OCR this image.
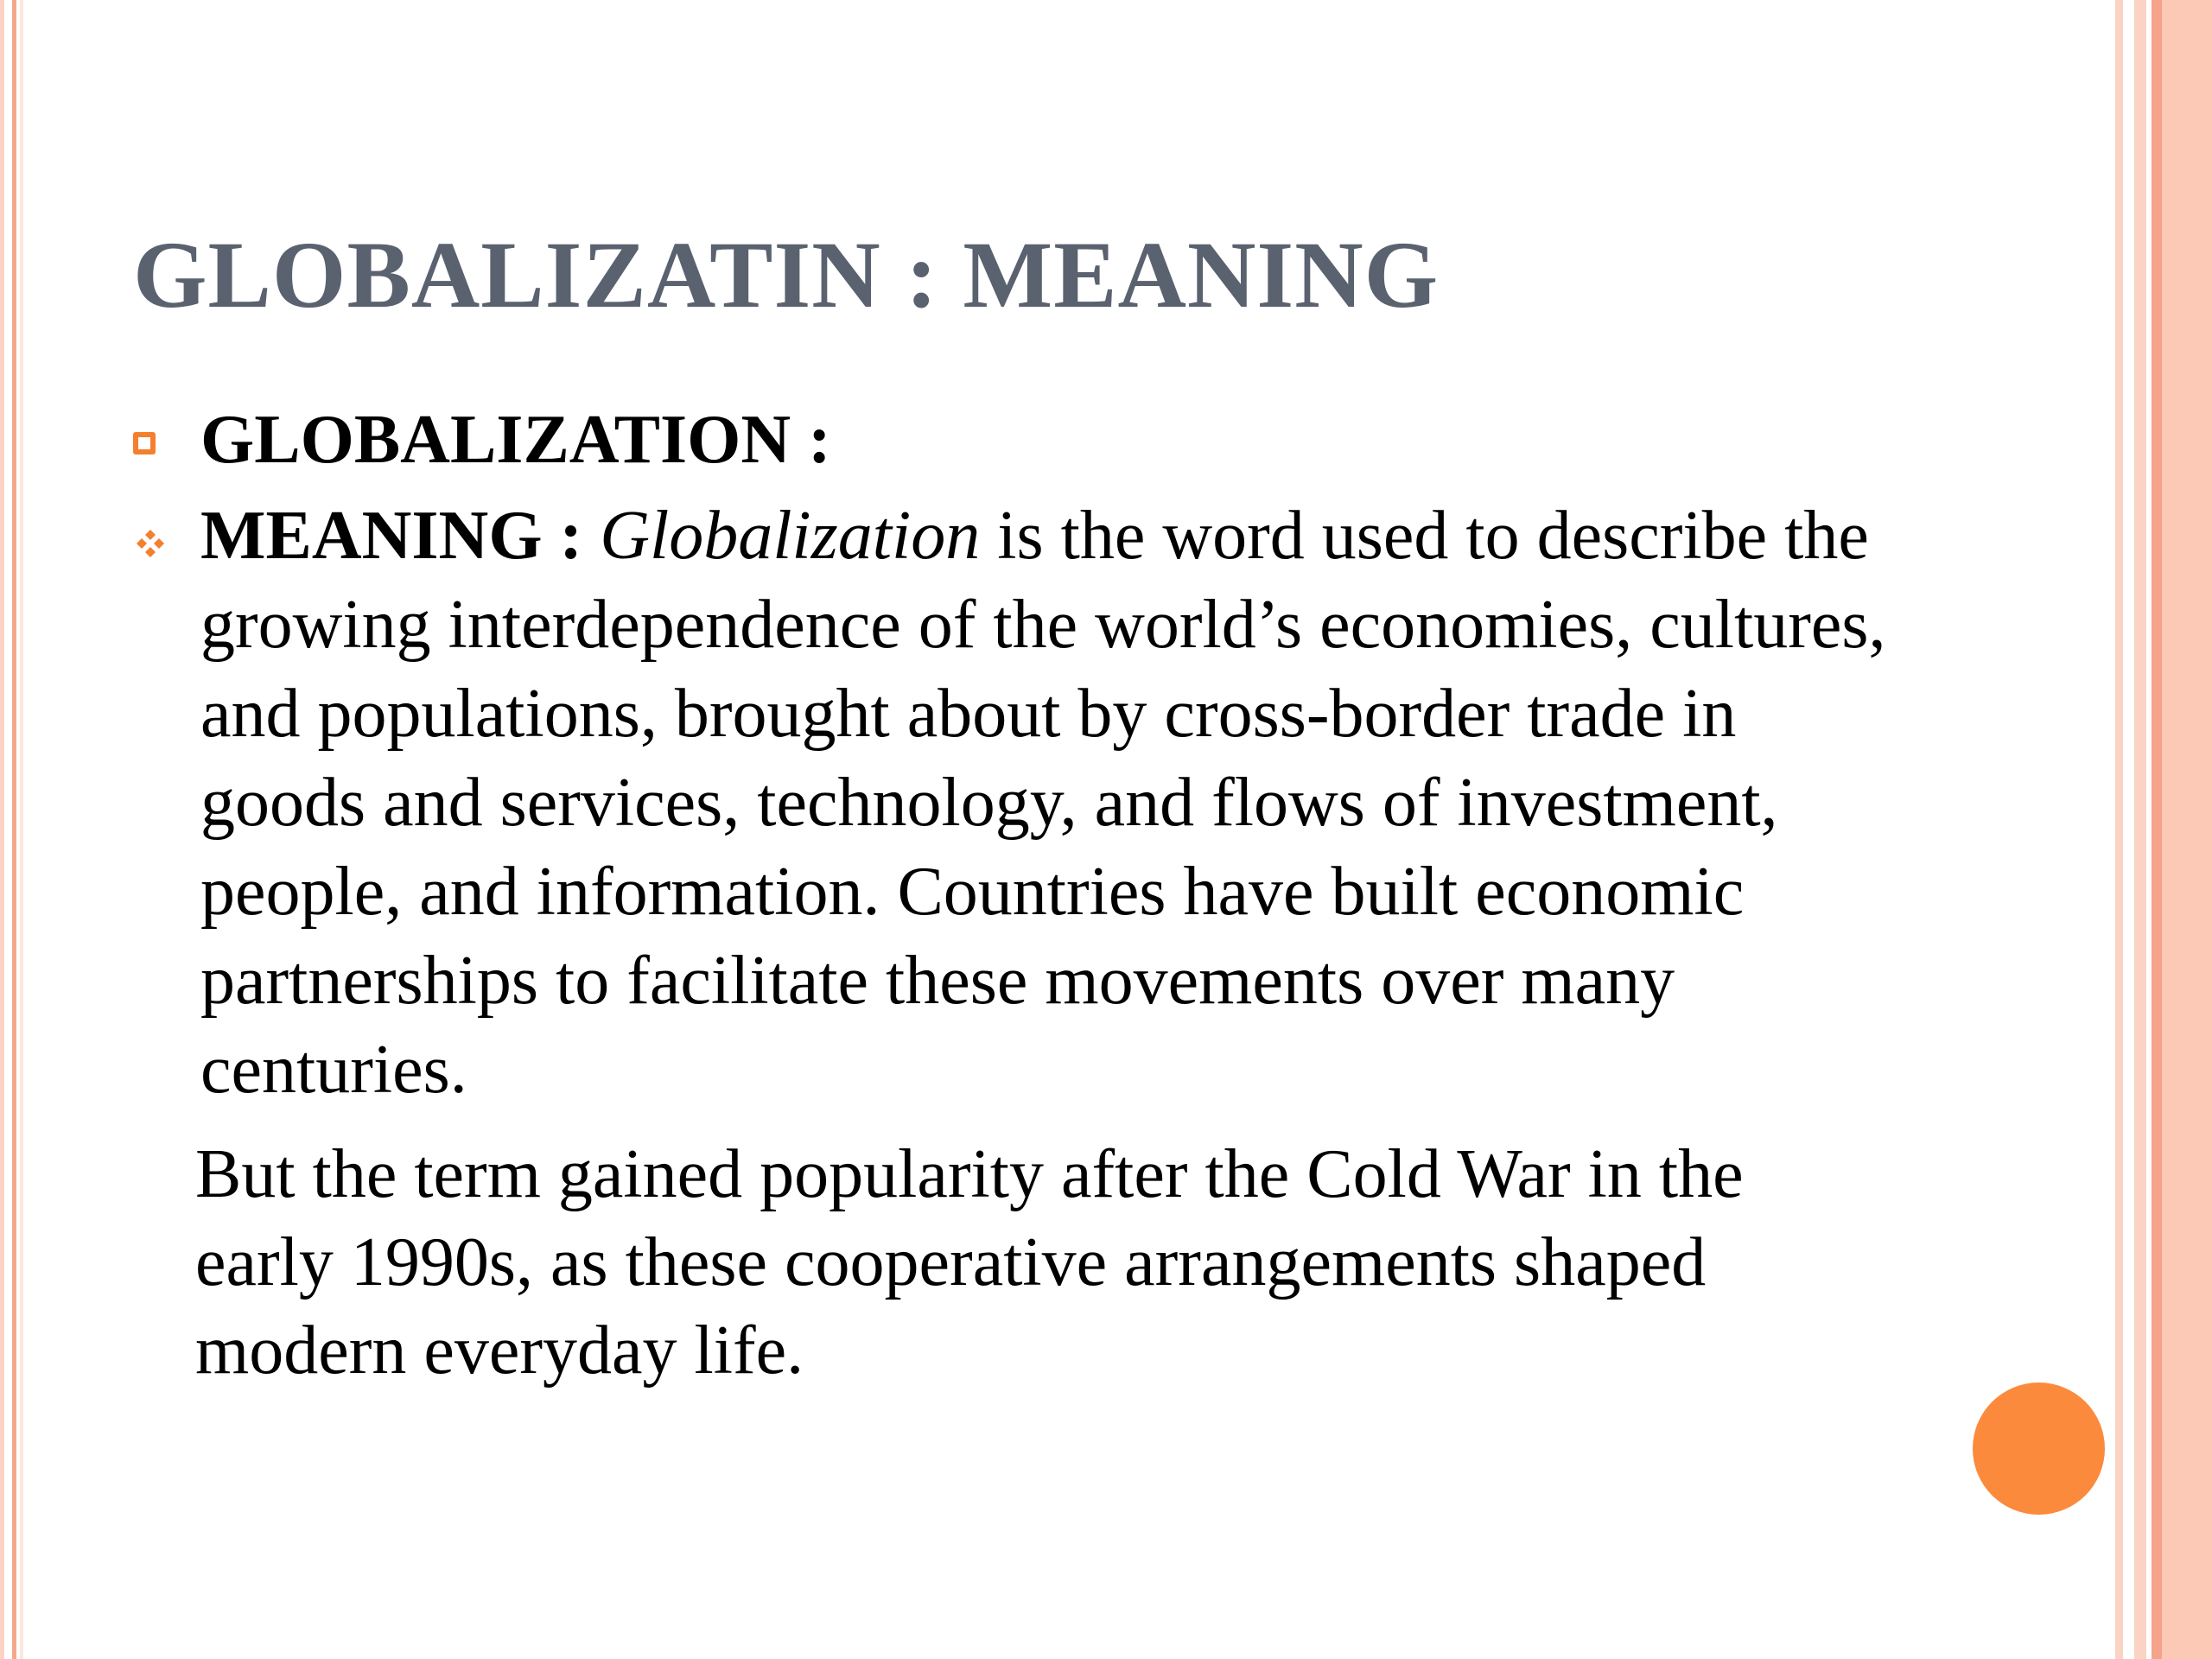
GLOBALIZATIN : MEANING
GLOBALIZATION :
MEANING : Globalization is the word used to describe the growing interdependence of the world’s economies, cultures, and populations, brought about by cross-border trade in goods and services, technology, and flows of investment, people, and information. Countries have built economic partnerships to facilitate these movements over many centuries.
But the term gained popularity after the Cold War in the early 1990s, as these cooperative arrangements shaped modern everyday life.
